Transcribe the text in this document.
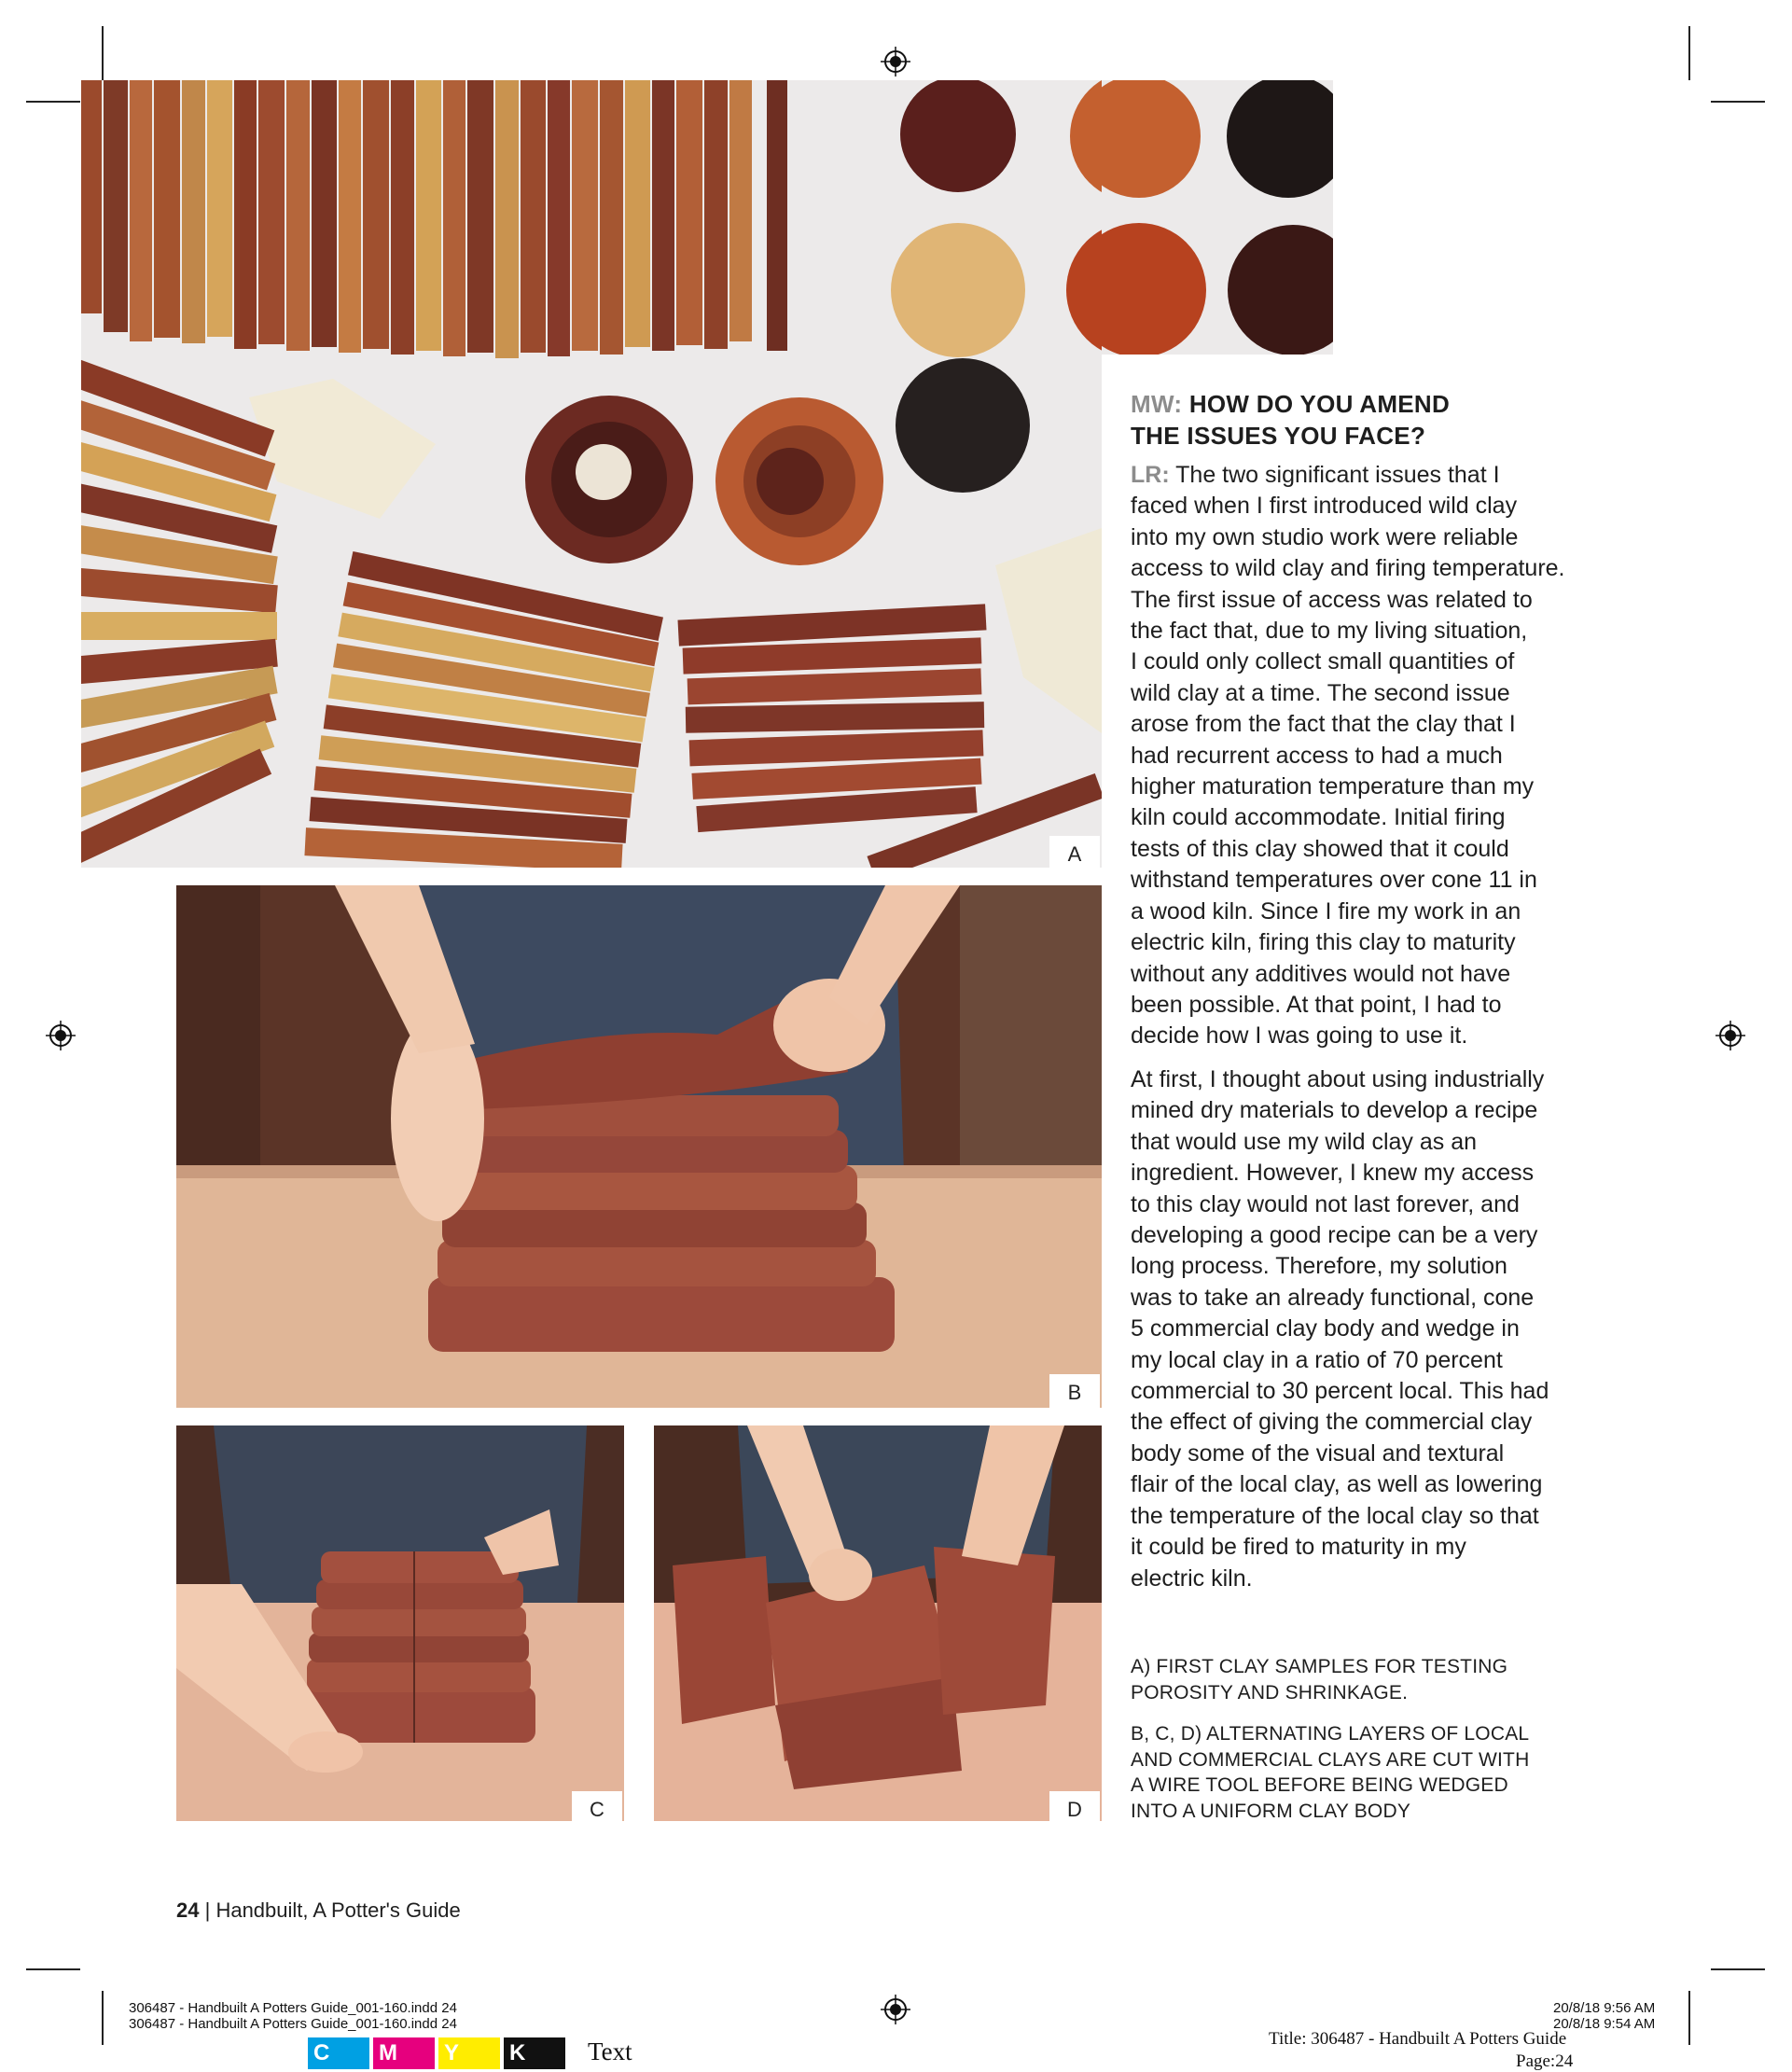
A
B
C	D
MW: HOW DO YOU AMEND
THE ISSUES YOU FACE?

LR: The two significant issues that I

faced when I first introduced wild clay

into my own studio work were reliable

access to wild clay and firing temperature.

The first issue of access was related to

the fact that, due to my living situation,

I could only collect small quantities of

wild clay at a time. The second issue

arose from the fact that the clay that I

had recurrent access to had a much

higher maturation temperature than my

kiln could accommodate. Initial firing

tests of this clay showed that it could

withstand temperatures over cone 11 in

a wood kiln. Since I fire my work in an

electric kiln, firing this clay to maturity

without any additives would not have

been possible. At that point, I had to

decide how I was going to use it.

At first, I thought about using industrially

mined dry materials to develop a recipe

that would use my wild clay as an

ingredient. However, I knew my access

to this clay would not last forever, and

developing a good recipe can be a very

long process. Therefore, my solution

was to take an already functional, cone

5 commercial clay body and wedge in

my local clay in a ratio of 70 percent

commercial to 30 percent local. This had

the effect of giving the commercial clay

body some of the visual and textural

flair of the local clay, as well as lowering

the temperature of the local clay so that

it could be fired to maturity in my

electric kiln.

A) FIRST CLAY SAMPLES FOR TESTING

POROSITY AND SHRINKAGE.

B, C, D) ALTERNATING LAYERS OF LOCAL

AND COMMERCIAL CLAYS ARE CUT WITH

A WIRE TOOL BEFORE BEING WEDGED

INTO A UNIFORM CLAY BODY

24 | Handbuilt, A Potter's Guide
306487 - Handbuilt A Potters Guide_001-160.indd 24
306487 - Handbuilt A Potters Guide_001-160.indd 24
20/8/18 9:56 AM
20/8/18 9:54 AM
Title: 306487 - Handbuilt A Potters Guide
Page:24
C	M	Y	K	Text
